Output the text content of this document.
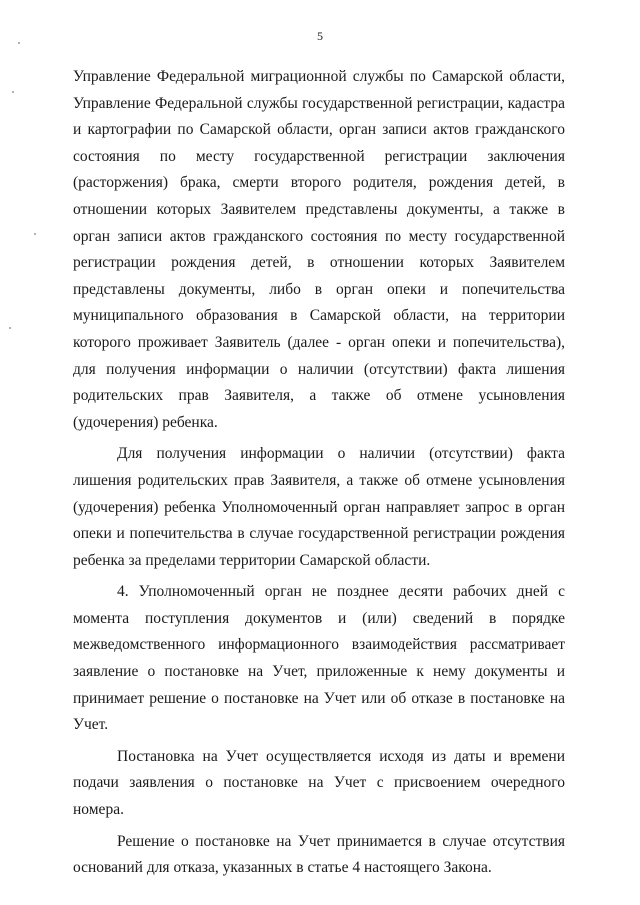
5

Управление Федеральной миграционной службы по Самарской области, Управление Федеральной службы государственной регистрации, кадастра и картографии по Самарской области, орган записи актов гражданского состояния по месту государственной регистрации заключения (расторжения) брака, смерти второго родителя, рождения детей, в отношении которых Заявителем представлены документы, а также в орган записи актов гражданского состояния по месту государственной регистрации рождения детей, в отношении которых Заявителем представлены документы, либо в орган опеки и попечительства муниципального образования в Самарской области, на территории которого проживает Заявитель (далее - орган опеки и попечительства), для получения информации о наличии (отсутствии) факта лишения родительских прав Заявителя, а также об отмене усыновления (удочерения) ребенка.

Для получения информации о наличии (отсутствии) факта лишения родительских прав Заявителя, а также об отмене усыновления (удочерения) ребенка Уполномоченный орган направляет запрос в орган опеки и попечительства в случае государственной регистрации рождения ребенка за пределами территории Самарской области.

4. Уполномоченный орган не позднее десяти рабочих дней с момента поступления документов и (или) сведений в порядке межведомственного информационного взаимодействия рассматривает заявление о постановке на Учет, приложенные к нему документы и принимает решение о постановке на Учет или об отказе в постановке на Учет.

Постановка на Учет осуществляется исходя из даты и времени подачи заявления о постановке на Учет с присвоением очередного номера.

Решение о постановке на Учет принимается в случае отсутствия оснований для отказа, указанных в статье 4 настоящего Закона.
